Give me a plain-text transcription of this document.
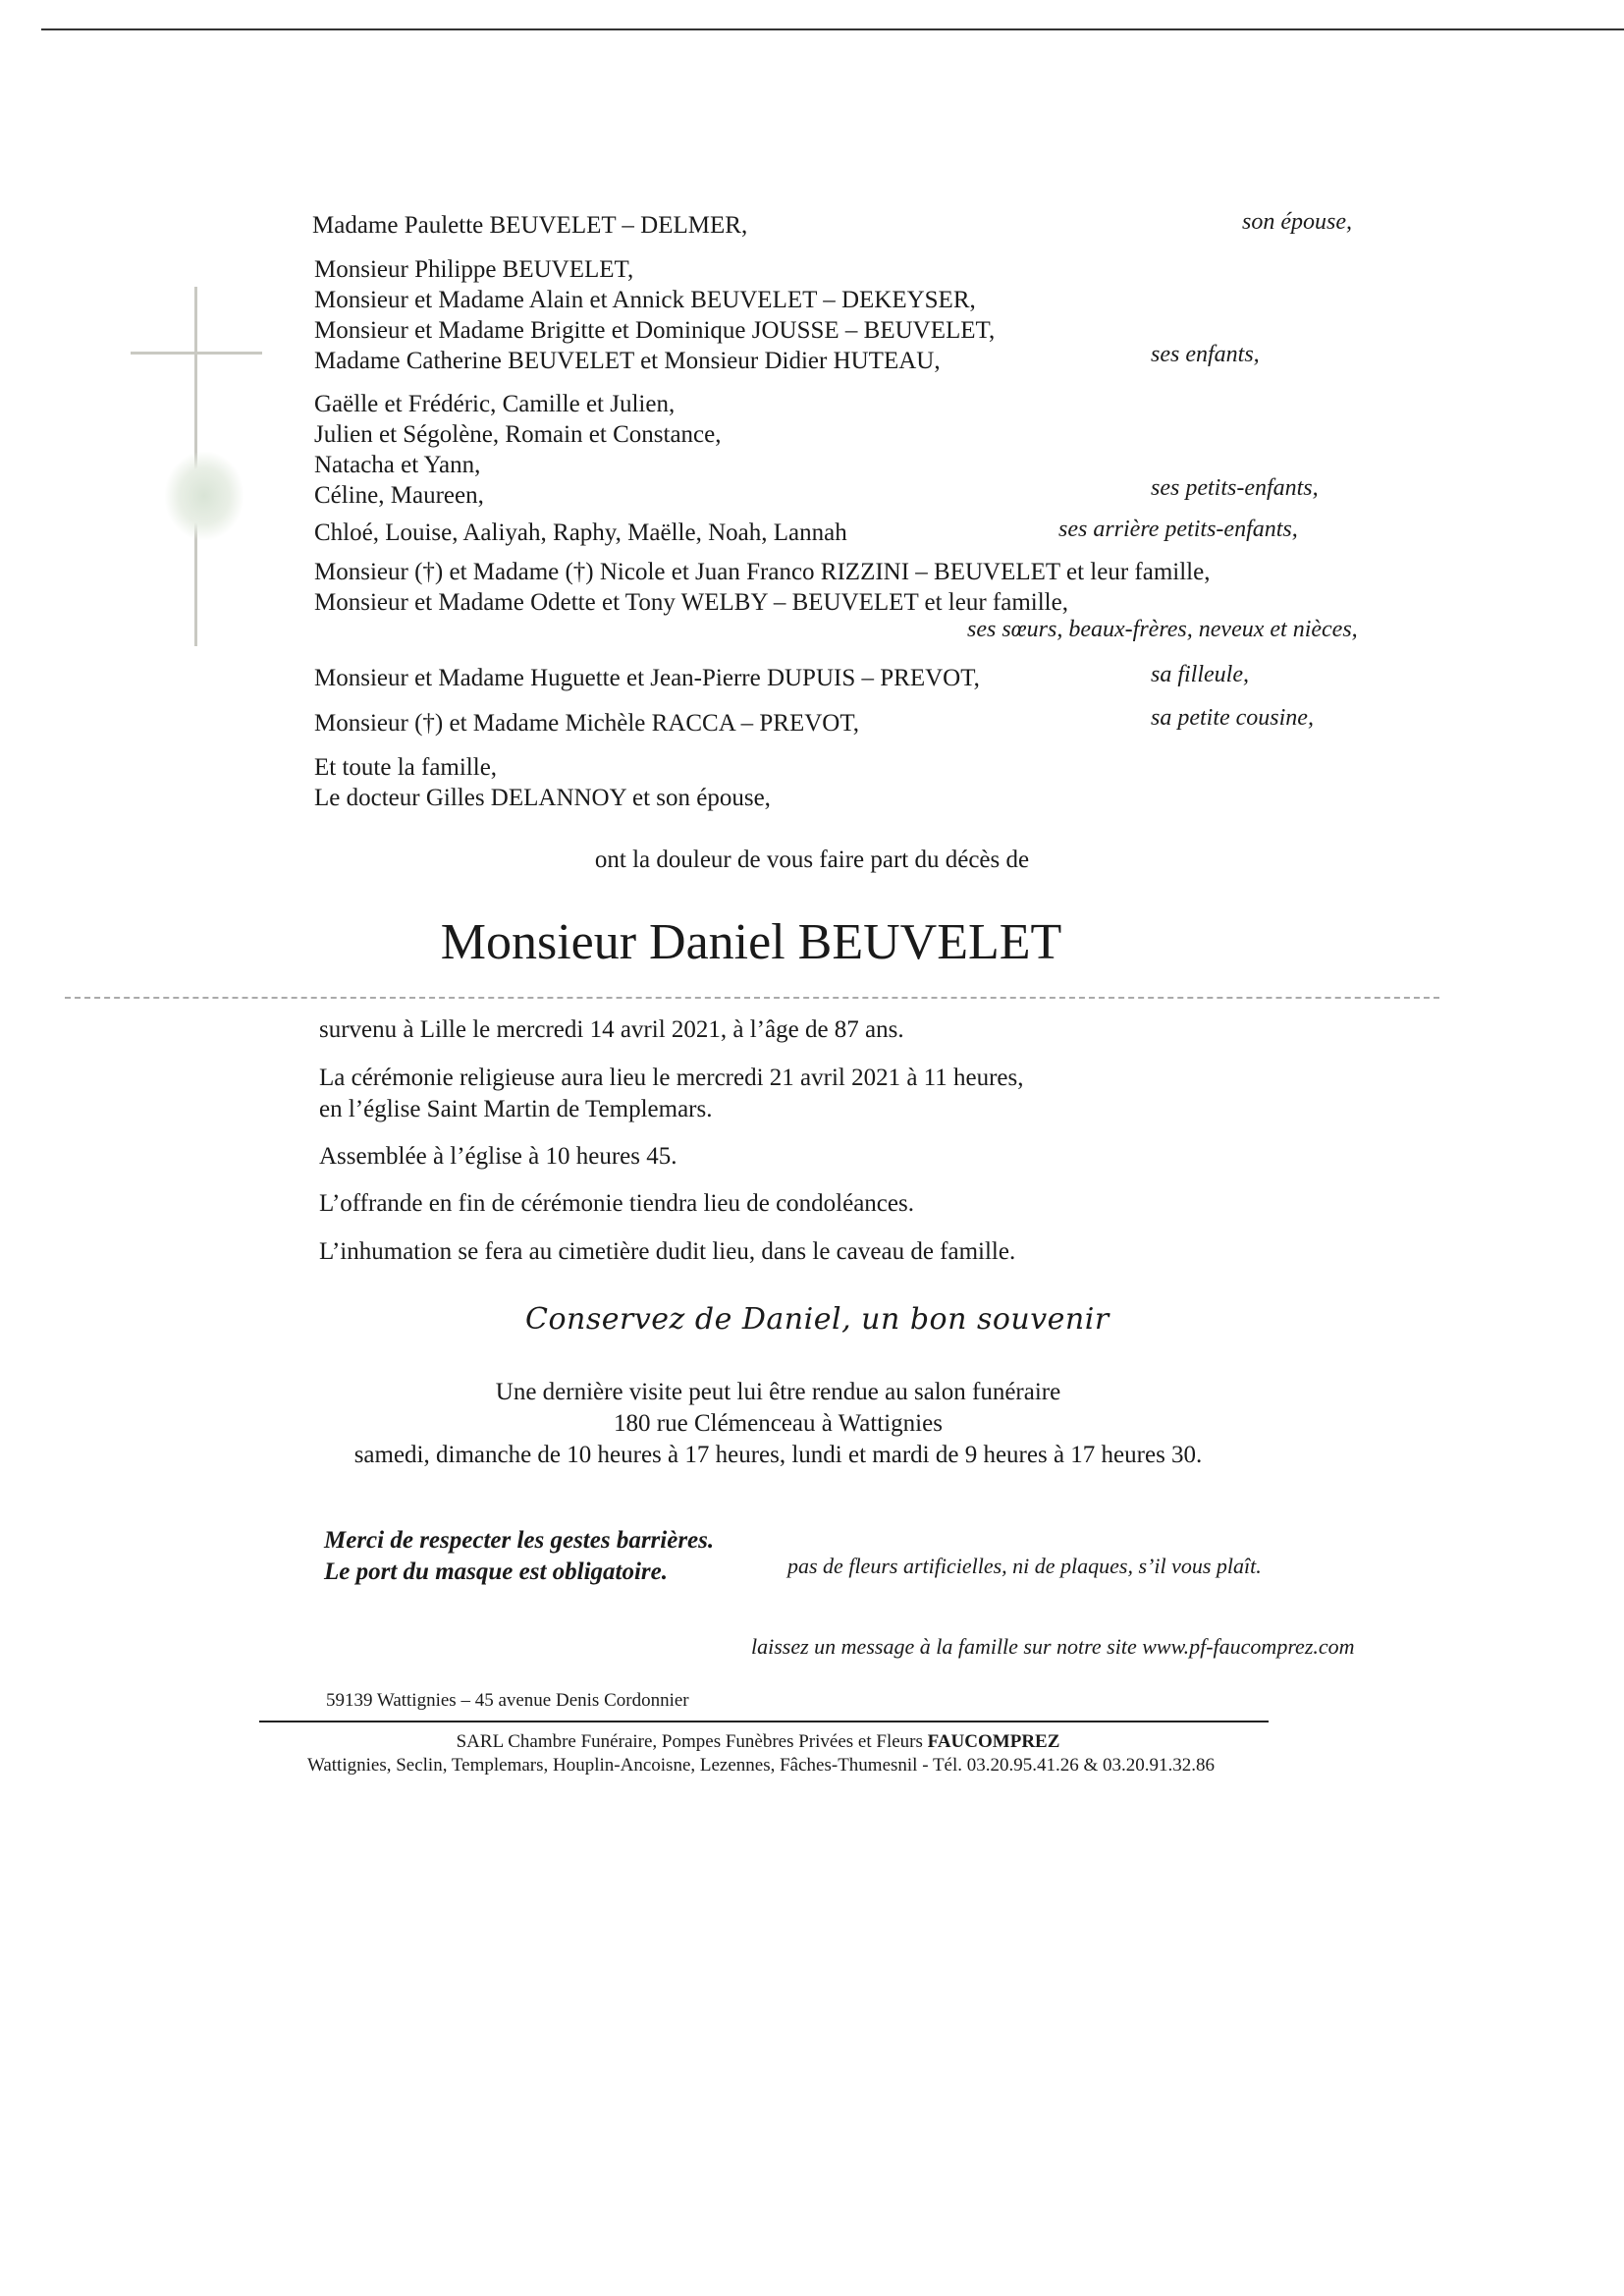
Madame Paulette BEUVELET – DELMER,	son épouse,
Monsieur Philippe BEUVELET,
Monsieur et Madame Alain et Annick BEUVELET – DEKEYSER,
Monsieur et Madame Brigitte et Dominique JOUSSE – BEUVELET,
Madame Catherine BEUVELET et Monsieur Didier HUTEAU,	ses enfants,
Gaëlle et Frédéric, Camille et Julien,
Julien et Ségolène, Romain et Constance,
Natacha et Yann,
Céline, Maureen,	ses petits-enfants,
Chloé, Louise, Aaliyah, Raphy, Maëlle, Noah, Lannah	ses arrière petits-enfants,
Monsieur (†) et Madame (†) Nicole et Juan Franco RIZZINI – BEUVELET et leur famille,
Monsieur et Madame Odette et Tony WELBY – BEUVELET et leur famille,
ses sœurs, beaux-frères, neveux et nièces,
Monsieur et Madame Huguette et Jean-Pierre DUPUIS – PREVOT,	sa filleule,
Monsieur (†) et Madame Michèle RACCA – PREVOT,	sa petite cousine,
Et toute la famille,
Le docteur Gilles DELANNOY et son épouse,
ont la douleur de vous faire part du décès de
Monsieur Daniel BEUVELET
survenu à Lille le mercredi 14 avril 2021, à l’âge de 87 ans.
La cérémonie religieuse aura lieu le mercredi 21 avril 2021 à 11 heures,
en l’église Saint Martin de Templemars.
Assemblée à l’église à 10 heures 45.
L’offrande en fin de cérémonie tiendra lieu de condoléances.
L’inhumation se fera au cimetière dudit lieu, dans le caveau de famille.
Conservez de Daniel, un bon souvenir
Une dernière visite peut lui être rendue au salon funéraire
180 rue Clémenceau à Wattignies
samedi, dimanche de 10 heures à 17 heures, lundi et mardi de 9 heures à 17 heures 30.
Merci de respecter les gestes barrières.
Le port du masque est obligatoire.	pas de fleurs artificielles, ni de plaques, s’il vous plaît.
laissez un message à la famille sur notre site www.pf-faucomprez.com
59139 Wattignies – 45 avenue Denis Cordonnier
SARL Chambre Funéraire, Pompes Funèbres Privées et Fleurs FAUCOMPREZ
Wattignies, Seclin, Templemars, Houplin-Ancoisne, Lezennes, Fâches-Thumesnil - Tél. 03.20.95.41.26 & 03.20.91.32.86
